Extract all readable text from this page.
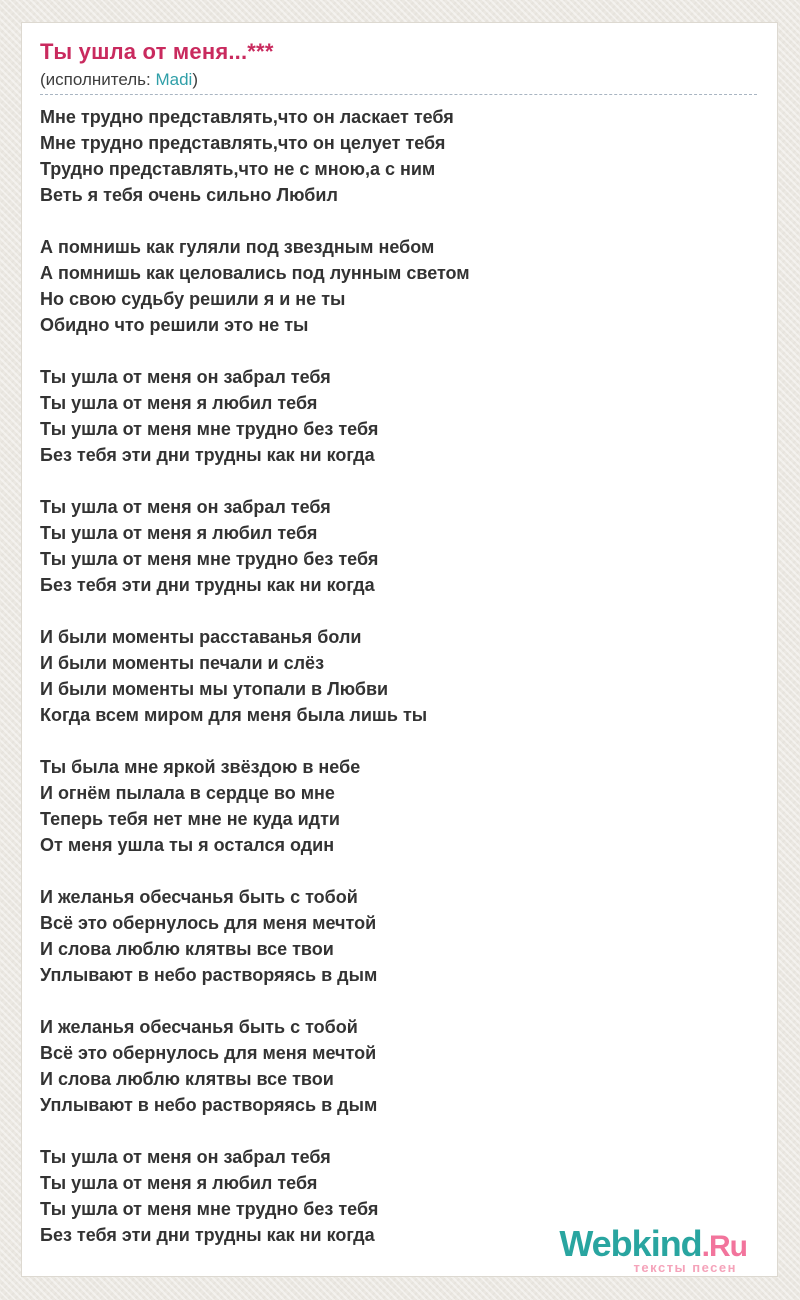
Ты ушла от меня...***
(исполнитель: Madi)

Мне трудно представлять,что он ласкает тебя
Мне трудно представлять,что он целует тебя
Трудно представлять,что не с мною,а с ним
Веть я тебя очень сильно Любил

А помнишь как гуляли под звездным небом
А помнишь как целовались под лунным светом
Но свою судьбу решили я и не ты
Обидно что решили это не ты

Ты ушла от меня он забрал тебя
Ты ушла от меня я любил тебя
Ты ушла от меня мне трудно без тебя
Без тебя эти дни трудны как ни когда

Ты ушла от меня он забрал тебя
Ты ушла от меня я любил тебя
Ты ушла от меня мне трудно без тебя
Без тебя эти дни трудны как ни когда

И были моменты расставанья боли
И были моменты печали и слёз
И были моменты мы утопали в Любви
Когда всем миром для меня была лишь ты

Ты была мне яркой звёздою в небе
И огнём пылала в сердце во мне
Теперь тебя нет мне не куда идти
От меня ушла ты я остался один

И желанья обесчанья быть с тобой
Всё это обернулось для меня мечтой
И слова люблю клятвы все твои
Уплывают в небо растворяясь в дым

И желанья обесчанья быть с тобой
Всё это обернулось для меня мечтой
И слова люблю клятвы все твои
Уплывают в небо растворяясь в дым

Ты ушла от меня он забрал тебя
Ты ушла от меня я любил тебя
Ты ушла от меня мне трудно без тебя
Без тебя эти дни трудны как ни когда	Webkind.Ru
тексты песен
